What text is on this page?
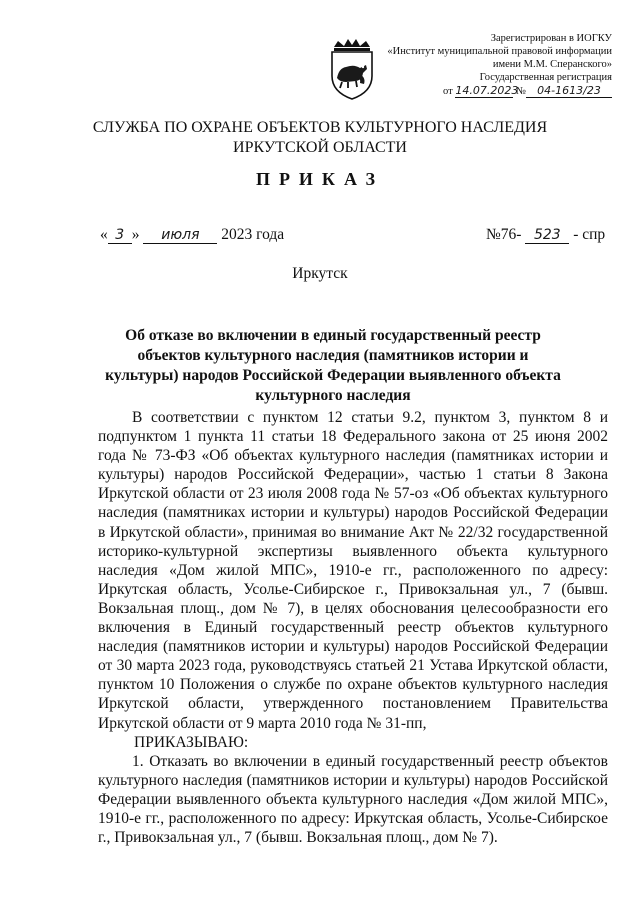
Зарегистрирован в ИОГКУ
«Институт муниципальной правовой информации
имени М.М. Сперанского»
Государственная регистрация
от 14.07.2023 № 04-1613/23
СЛУЖБА ПО ОХРАНЕ ОБЪЕКТОВ КУЛЬТУРНОГО НАСЛЕДИЯ
ИРКУТСКОЙ ОБЛАСТИ
ПРИКАЗ
« 3 » июля 2023 года	№76- 523 - спр
Иркутск
Об отказе во включении в единый государственный реестр объектов культурного наследия (памятников истории и культуры) народов Российской Федерации выявленного объекта культурного наследия

В соответствии с пунктом 12 статьи 9.2, пунктом 3, пунктом 8 и подпунктом 1 пункта 11 статьи 18 Федерального закона от 25 июня 2002 года № 73-ФЗ «Об объектах культурного наследия (памятниках истории и культуры) народов Российской Федерации», частью 1 статьи 8 Закона Иркутской области от 23 июля 2008 года № 57-оз «Об объектах культурного наследия (памятниках истории и культуры) народов Российской Федерации в Иркутской области», принимая во внимание Акт № 22/32 государственной историко-культурной экспертизы выявленного объекта культурного наследия «Дом жилой МПС», 1910-е гг., расположенного по адресу: Иркутская область, Усолье-Сибирское г., Привокзальная ул., 7 (бывш. Вокзальная площ., дом № 7), в целях обоснования целесообразности его включения в Единый государственный реестр объектов культурного наследия (памятников истории и культуры) народов Российской Федерации от 30 марта 2023 года, руководствуясь статьей 21 Устава Иркутской области, пунктом 10 Положения о службе по охране объектов культурного наследия Иркутской области, утвержденного постановлением Правительства Иркутской области от 9 марта 2010 года № 31-пп,

ПРИКАЗЫВАЮ:

1. Отказать во включении в единый государственный реестр объектов культурного наследия (памятников истории и культуры) народов Российской Федерации выявленного объекта культурного наследия «Дом жилой МПС», 1910-е гг., расположенного по адресу: Иркутская область, Усолье-Сибирское г., Привокзальная ул., 7 (бывш. Вокзальная площ., дом № 7).
